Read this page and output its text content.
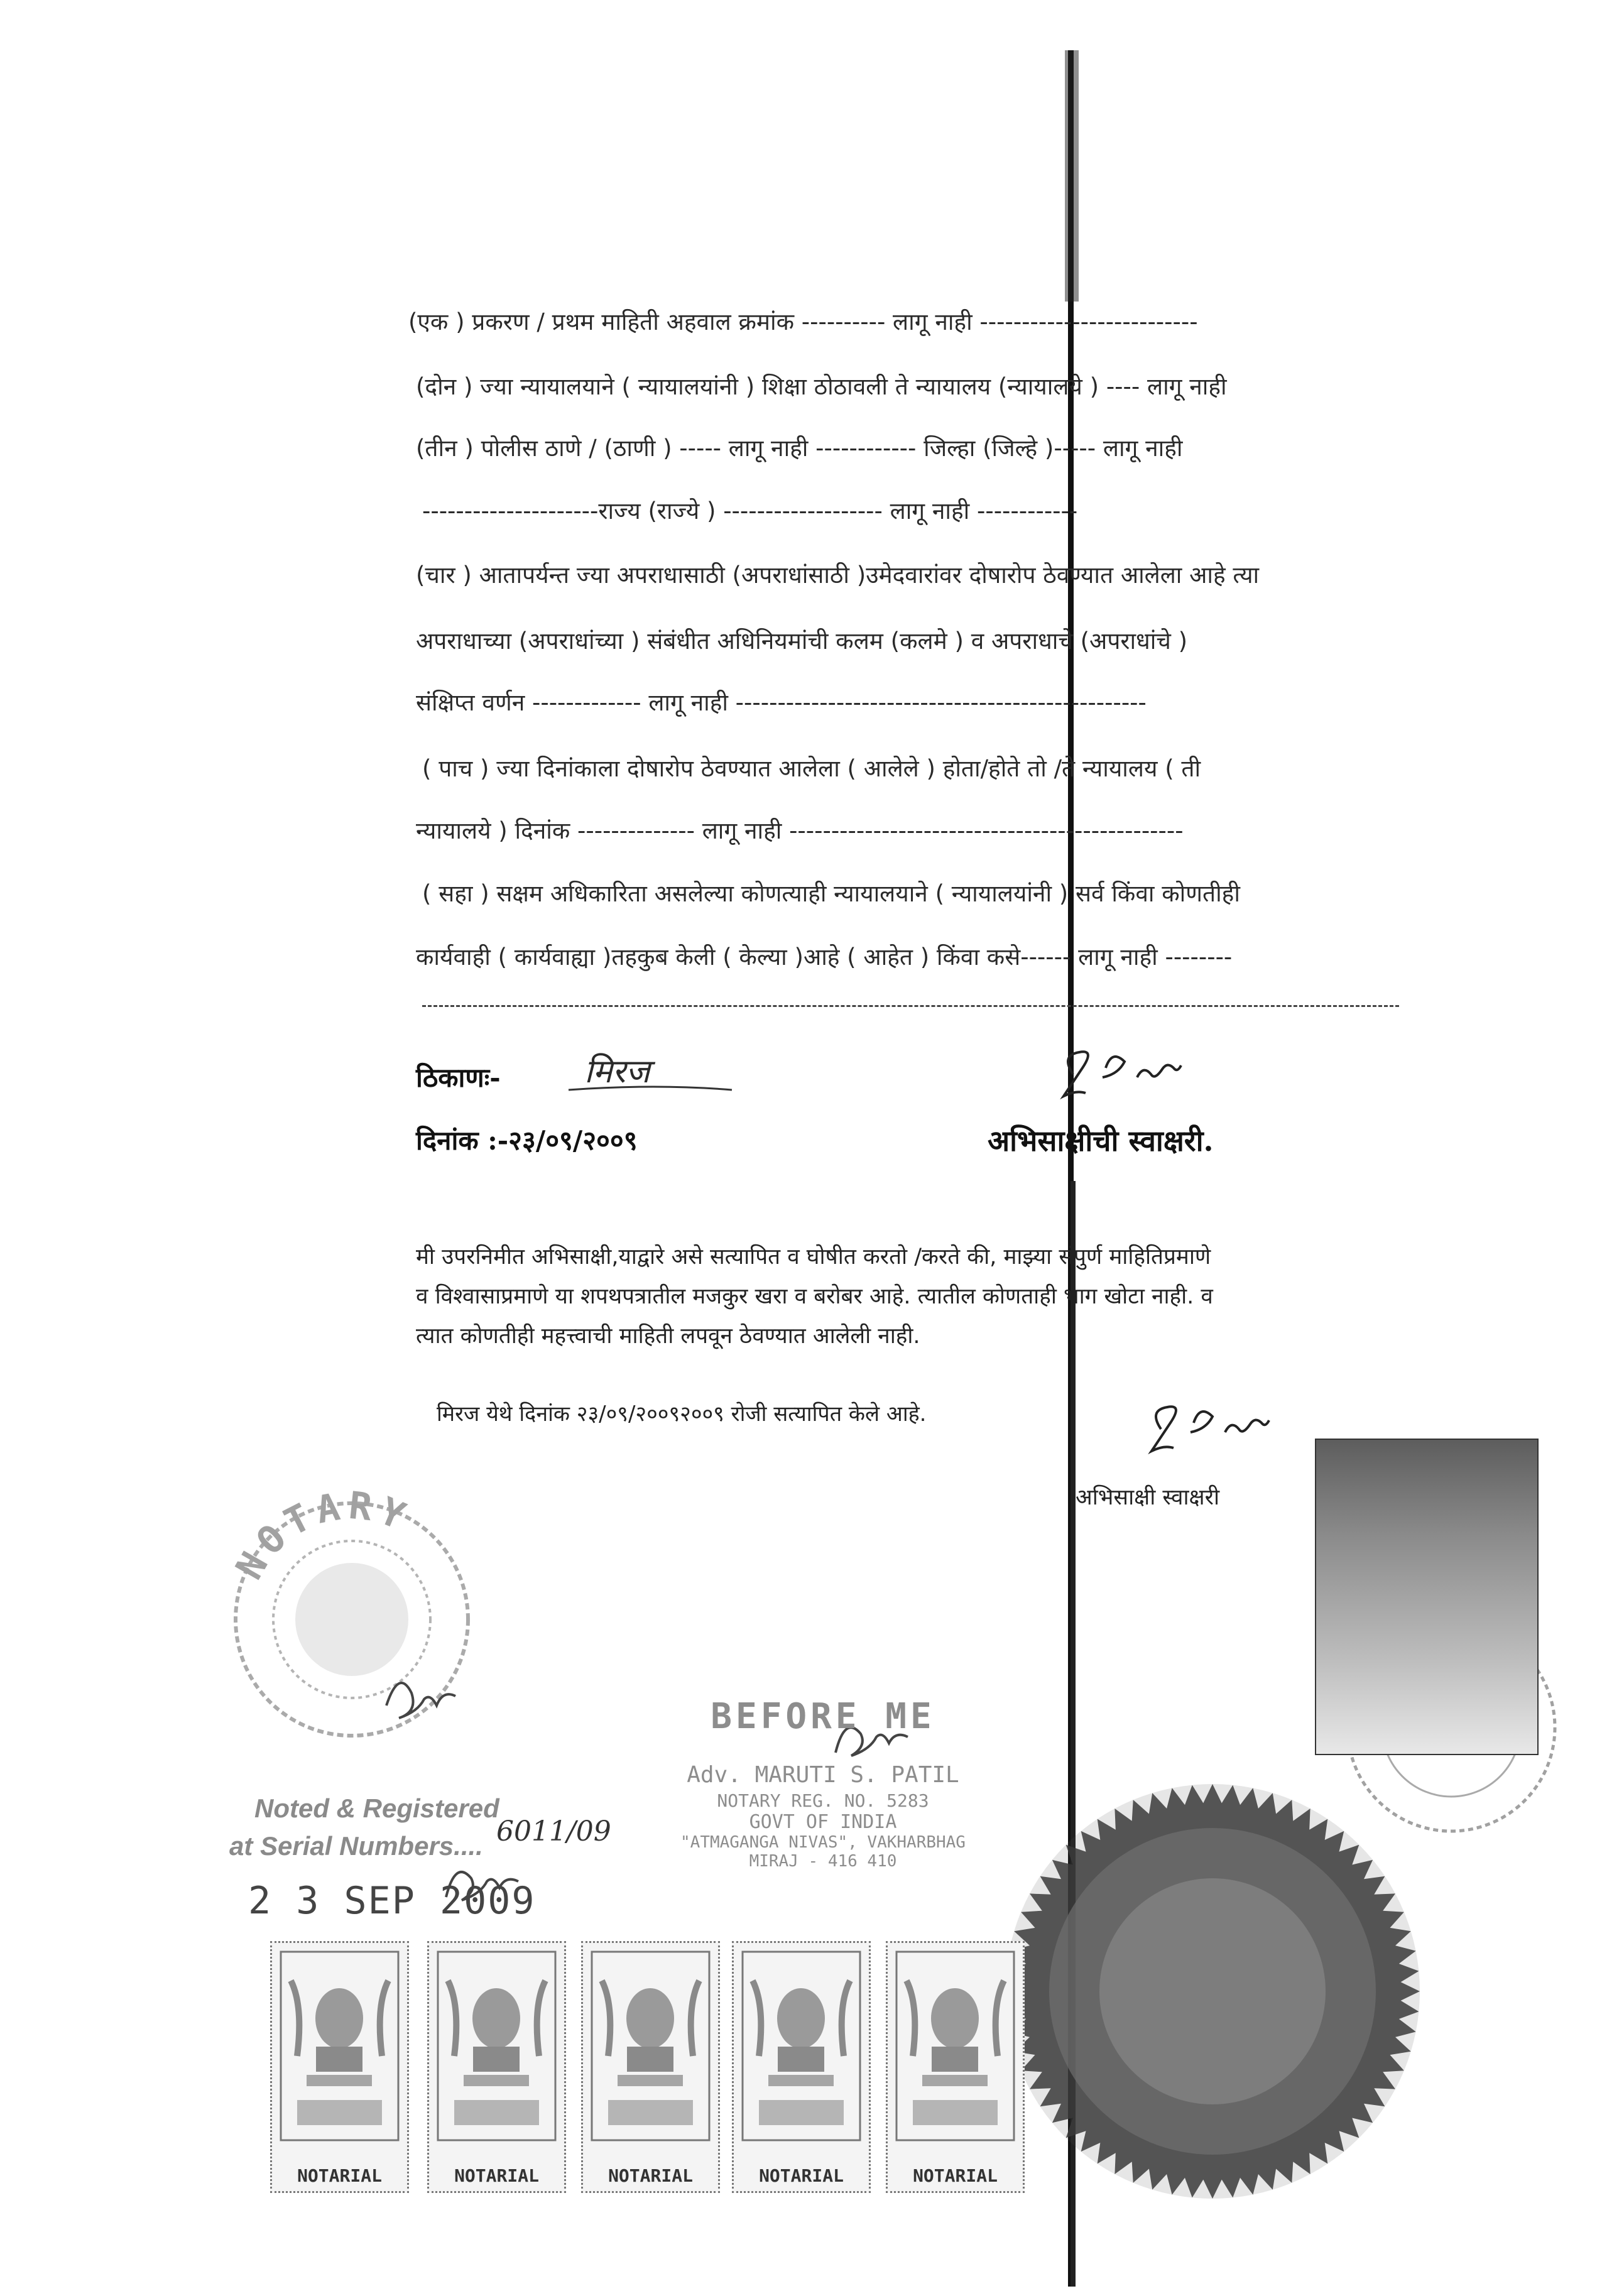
(एक ) प्रकरण / प्रथम माहिती अहवाल क्रमांक ---------- लागू नाही --------------------------
(दोन ) ज्या न्यायालयाने ( न्यायालयांनी ) शिक्षा ठोठावली ते न्यायालय (न्यायालये ) ---- लागू नाही
(तीन ) पोलीस ठाणे / (ठाणी ) ----- लागू नाही ------------ जिल्हा (जिल्हे )----- लागू नाही
---------------------राज्य (राज्ये ) ------------------- लागू नाही ------------
(चार ) आतापर्यन्त ज्या अपराधासाठी (अपराधांसाठी )उमेदवारांवर दोषारोप ठेवण्यात आलेला आहे त्या
अपराधाच्या (अपराधांच्या ) संबंधीत अधिनियमांची कलम (कलमे ) व अपराधाचे (अपराधांचे )
संक्षिप्त वर्णन ------------- लागू नाही -------------------------------------------------
( पाच ) ज्या दिनांकाला दोषारोप ठेवण्यात आलेला ( आलेले ) होता/होते तो /ते न्यायालय ( ती
न्यायालये ) दिनांक -------------- लागू नाही -----------------------------------------------
( सहा ) सक्षम अधिकारिता असलेल्या कोणत्याही न्यायालयाने ( न्यायालयांनी ) सर्व किंवा कोणतीही
कार्यवाही ( कार्यवाह्या )तहकुब केली ( केल्या )आहे ( आहेत ) किंवा कसे------ लागू नाही --------
ठिकाणः-	मिरज
दिनांक :-२३/०९/२००९	अभिसाक्षीची स्वाक्षरी.
मी उपरनिमीत अभिसाक्षी,याद्वारे असे सत्यापित व घोषीत करतो /करते की, माझ्या संपुर्ण माहितिप्रमाणे
व विश्वासाप्रमाणे या शपथपत्रातील मजकुर खरा व बरोबर आहे. त्यातील कोणताही भाग खोटा नाही. व
त्यात कोणतीही महत्त्वाची माहिती लपवून ठेवण्यात आलेली नाही.
मिरज येथे दिनांक २३/०९/२००९२००९ रोजी सत्यापित केले आहे.
अभिसाक्षी स्वाक्षरी
NOTARY
Noted & Registered
at Serial Numbers.... 6011/09
2 3 SEP 2009
BEFORE ME
Adv. MARUTI S. PATIL
NOTARY REG. NO. 5283
GOVT OF INDIA
"ATMAGANGA NIVAS", VAKHARBHAG
MIRAJ - 416 410
NOTARIAL	NOTARIAL	NOTARIAL	NOTARIAL	NOTARIAL
